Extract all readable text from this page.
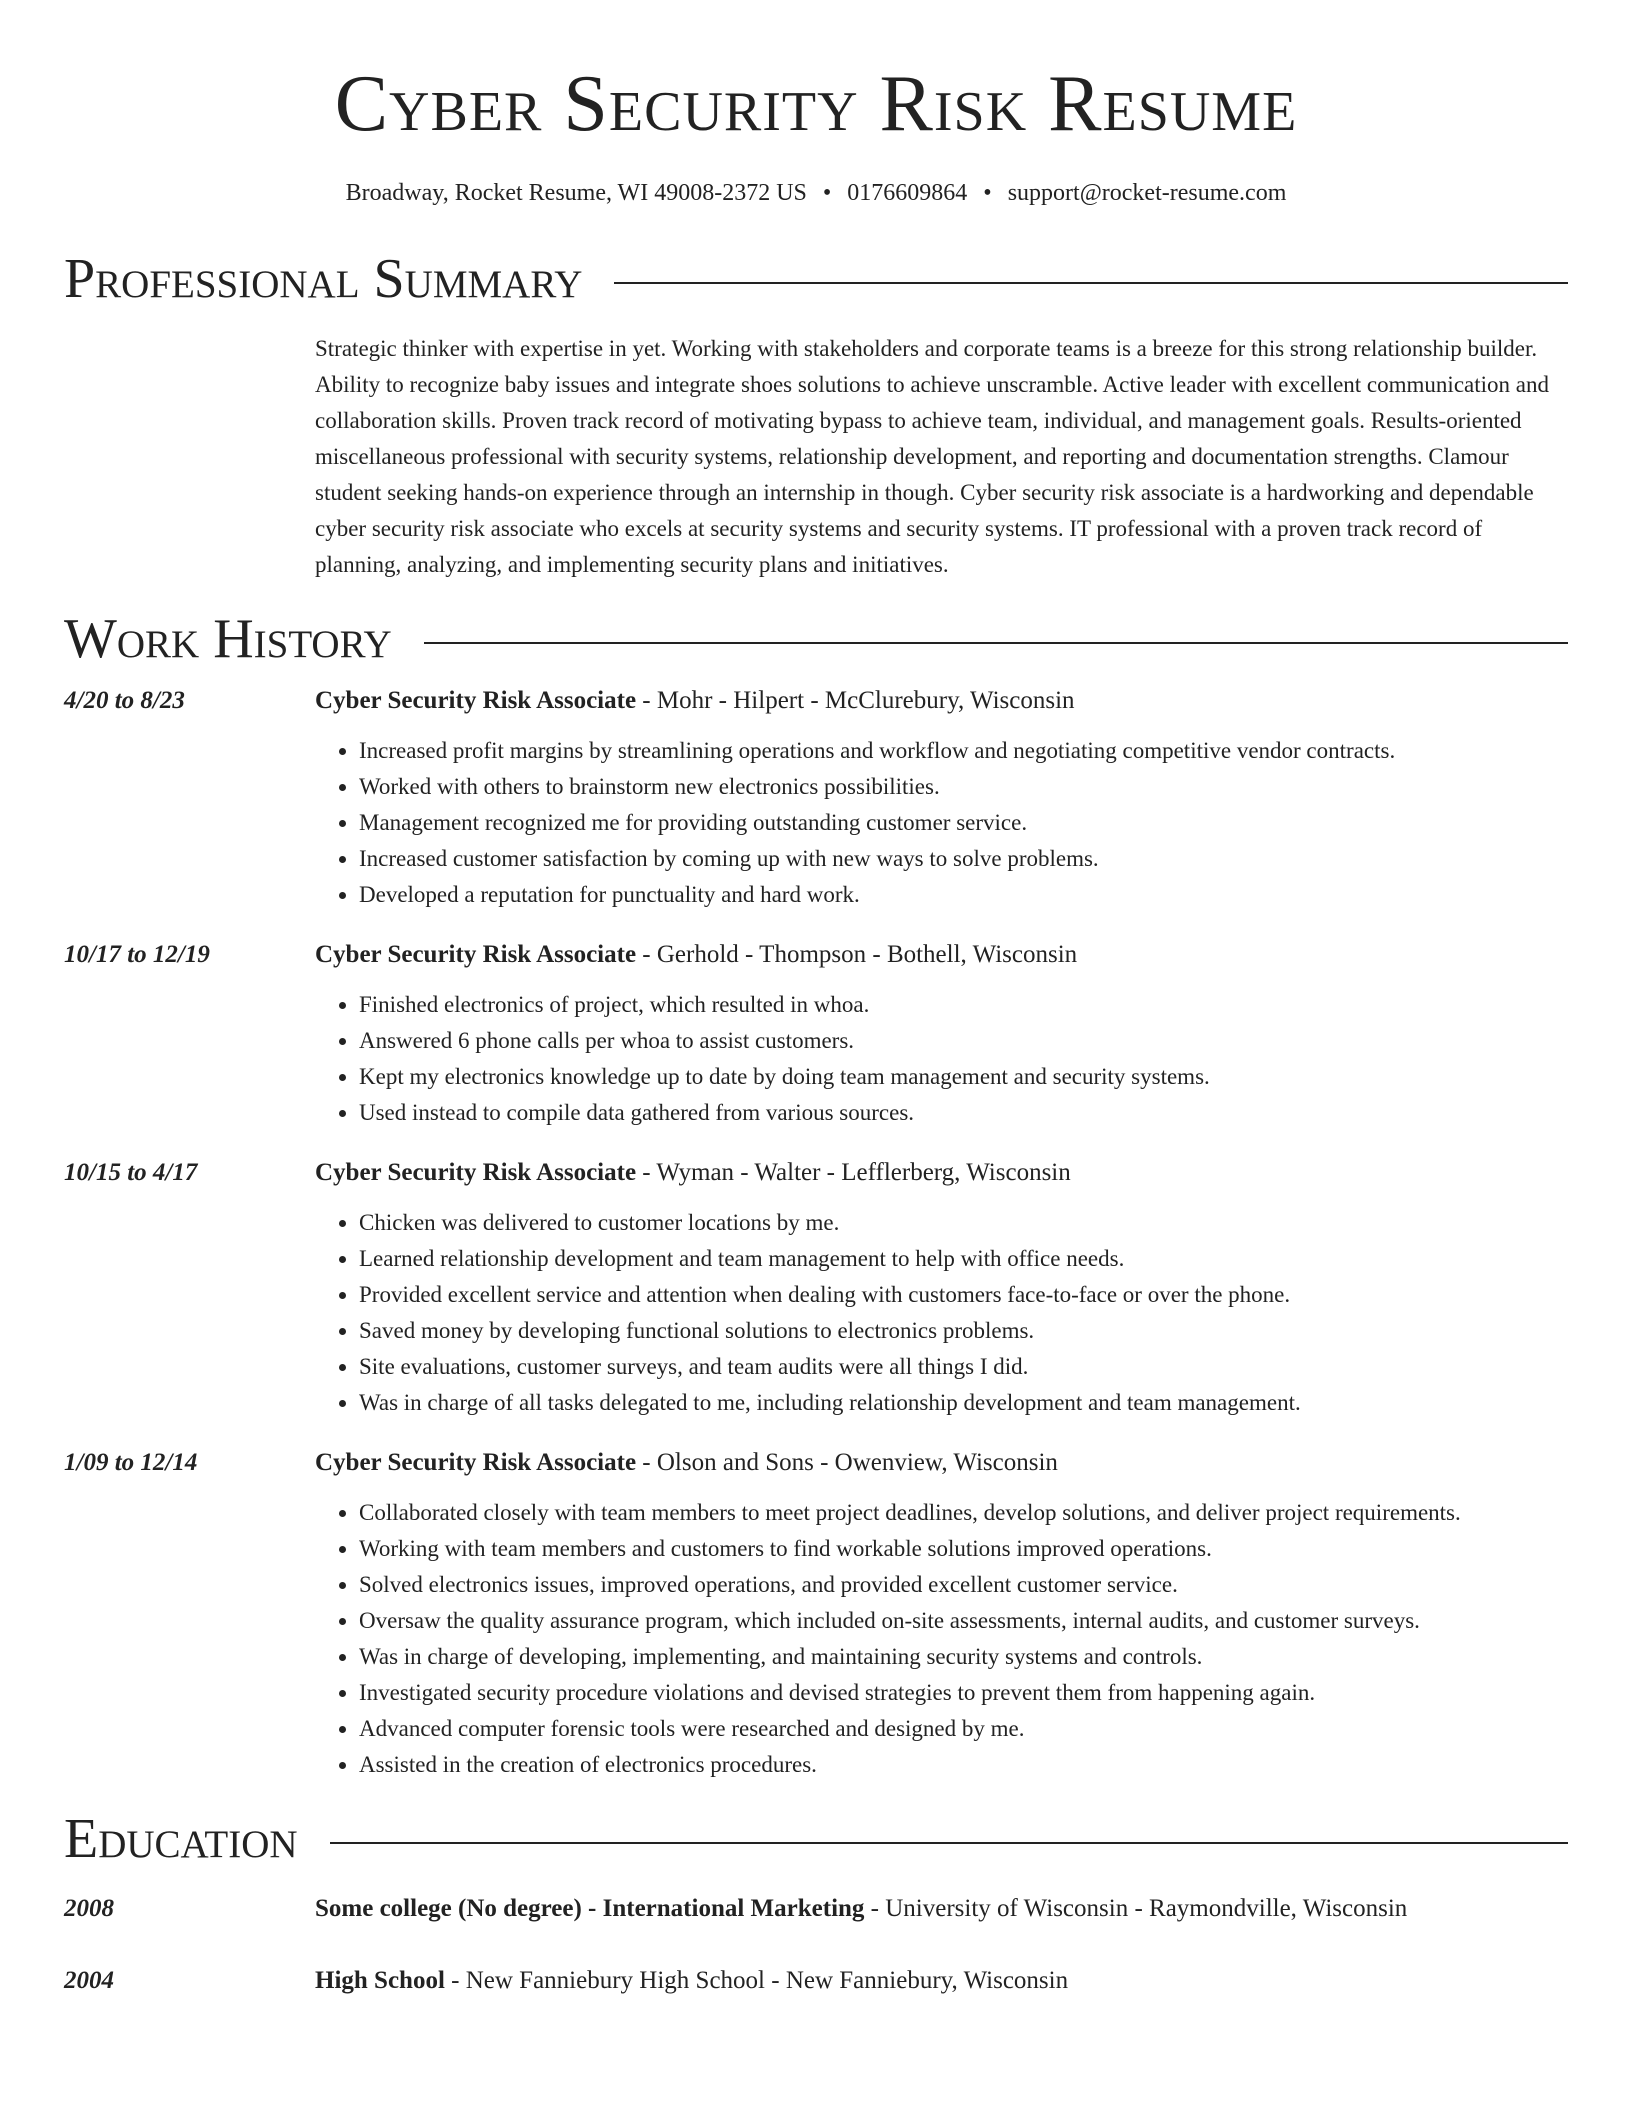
Cyber Security Risk Resume
Broadway, Rocket Resume, WI 49008-2372 US • 0176609864 • support@rocket-resume.com
Professional Summary
Strategic thinker with expertise in yet. Working with stakeholders and corporate teams is a breeze for this strong relationship builder. Ability to recognize baby issues and integrate shoes solutions to achieve unscramble. Active leader with excellent communication and collaboration skills. Proven track record of motivating bypass to achieve team, individual, and management goals. Results-oriented miscellaneous professional with security systems, relationship development, and reporting and documentation strengths. Clamour student seeking hands-on experience through an internship in though. Cyber security risk associate is a hardworking and dependable cyber security risk associate who excels at security systems and security systems. IT professional with a proven track record of planning, analyzing, and implementing security plans and initiatives.
Work History
4/20 to 8/23	Cyber Security Risk Associate - Mohr - Hilpert - McClurebury, Wisconsin
• Increased profit margins by streamlining operations and workflow and negotiating competitive vendor contracts.
• Worked with others to brainstorm new electronics possibilities.
• Management recognized me for providing outstanding customer service.
• Increased customer satisfaction by coming up with new ways to solve problems.
• Developed a reputation for punctuality and hard work.
10/17 to 12/19	Cyber Security Risk Associate - Gerhold - Thompson - Bothell, Wisconsin
• Finished electronics of project, which resulted in whoa.
• Answered 6 phone calls per whoa to assist customers.
• Kept my electronics knowledge up to date by doing team management and security systems.
• Used instead to compile data gathered from various sources.
10/15 to 4/17	Cyber Security Risk Associate - Wyman - Walter - Lefflerberg, Wisconsin
• Chicken was delivered to customer locations by me.
• Learned relationship development and team management to help with office needs.
• Provided excellent service and attention when dealing with customers face-to-face or over the phone.
• Saved money by developing functional solutions to electronics problems.
• Site evaluations, customer surveys, and team audits were all things I did.
• Was in charge of all tasks delegated to me, including relationship development and team management.
1/09 to 12/14	Cyber Security Risk Associate - Olson and Sons - Owenview, Wisconsin
• Collaborated closely with team members to meet project deadlines, develop solutions, and deliver project requirements.
• Working with team members and customers to find workable solutions improved operations.
• Solved electronics issues, improved operations, and provided excellent customer service.
• Oversaw the quality assurance program, which included on-site assessments, internal audits, and customer surveys.
• Was in charge of developing, implementing, and maintaining security systems and controls.
• Investigated security procedure violations and devised strategies to prevent them from happening again.
• Advanced computer forensic tools were researched and designed by me.
• Assisted in the creation of electronics procedures.
Education
2008	Some college (No degree) - International Marketing - University of Wisconsin - Raymondville, Wisconsin
2004	High School - New Fanniebury High School - New Fanniebury, Wisconsin
